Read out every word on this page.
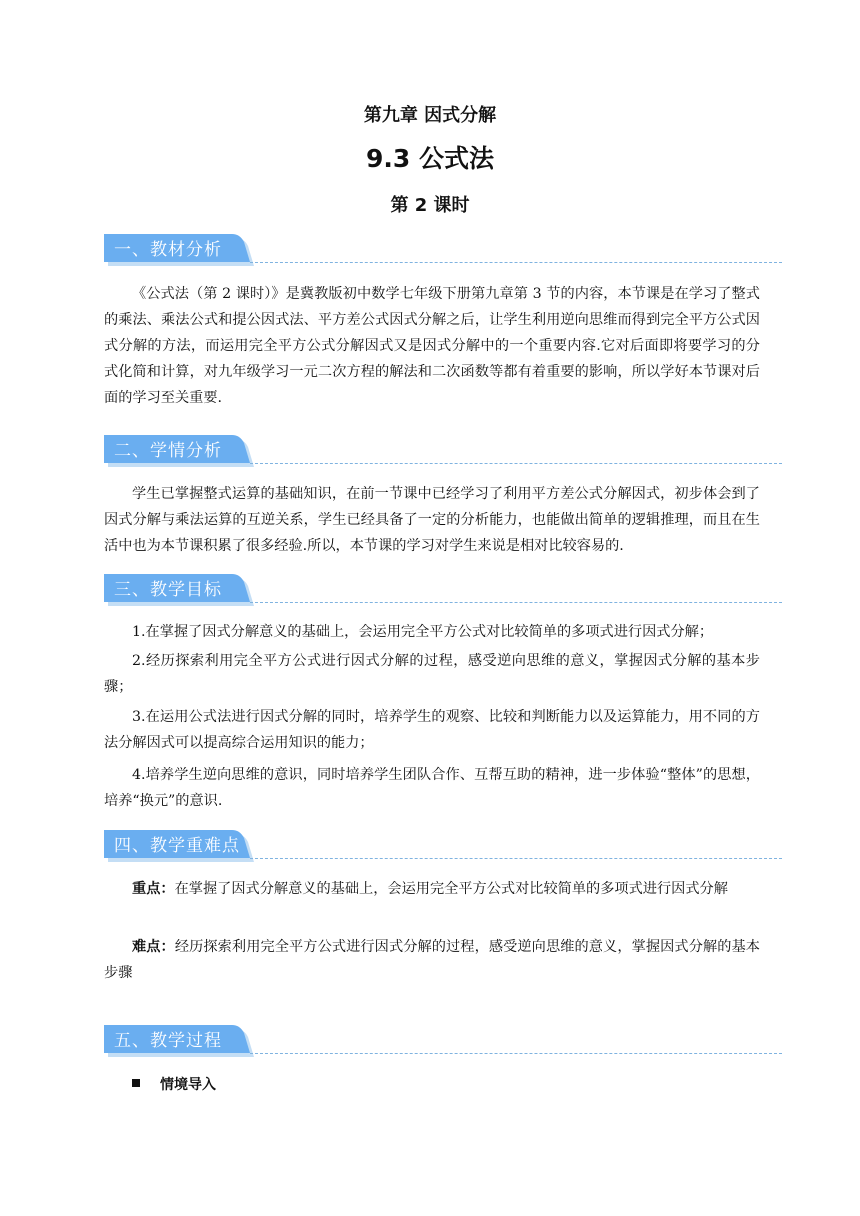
第九章 因式分解
9.3 公式法
第 2 课时
一、教材分析
《公式法（第 2 课时）》是冀教版初中数学七年级下册第九章第 3 节的内容，本节课是在学习了整式的乘法、乘法公式和提公因式法、平方差公式因式分解之后，让学生利用逆向思维而得到完全平方公式因式分解的方法，而运用完全平方公式分解因式又是因式分解中的一个重要内容.它对后面即将要学习的分式化简和计算，对九年级学习一元二次方程的解法和二次函数等都有着重要的影响，所以学好本节课对后面的学习至关重要.
二、学情分析
学生已掌握整式运算的基础知识，在前一节课中已经学习了利用平方差公式分解因式，初步体会到了因式分解与乘法运算的互逆关系，学生已经具备了一定的分析能力，也能做出简单的逻辑推理，而且在生活中也为本节课积累了很多经验.所以，本节课的学习对学生来说是相对比较容易的.
三、教学目标
1.在掌握了因式分解意义的基础上，会运用完全平方公式对比较简单的多项式进行因式分解；
2.经历探索利用完全平方公式进行因式分解的过程，感受逆向思维的意义，掌握因式分解的基本步骤；
3.在运用公式法进行因式分解的同时，培养学生的观察、比较和判断能力以及运算能力，用不同的方法分解因式可以提高综合运用知识的能力；
4.培养学生逆向思维的意识，同时培养学生团队合作、互帮互助的精神，进一步体验“整体”的思想，培养“换元”的意识.
四、教学重难点
重点：在掌握了因式分解意义的基础上，会运用完全平方公式对比较简单的多项式进行因式分解
难点：经历探索利用完全平方公式进行因式分解的过程，感受逆向思维的意义，掌握因式分解的基本步骤
五、教学过程
情境导入
